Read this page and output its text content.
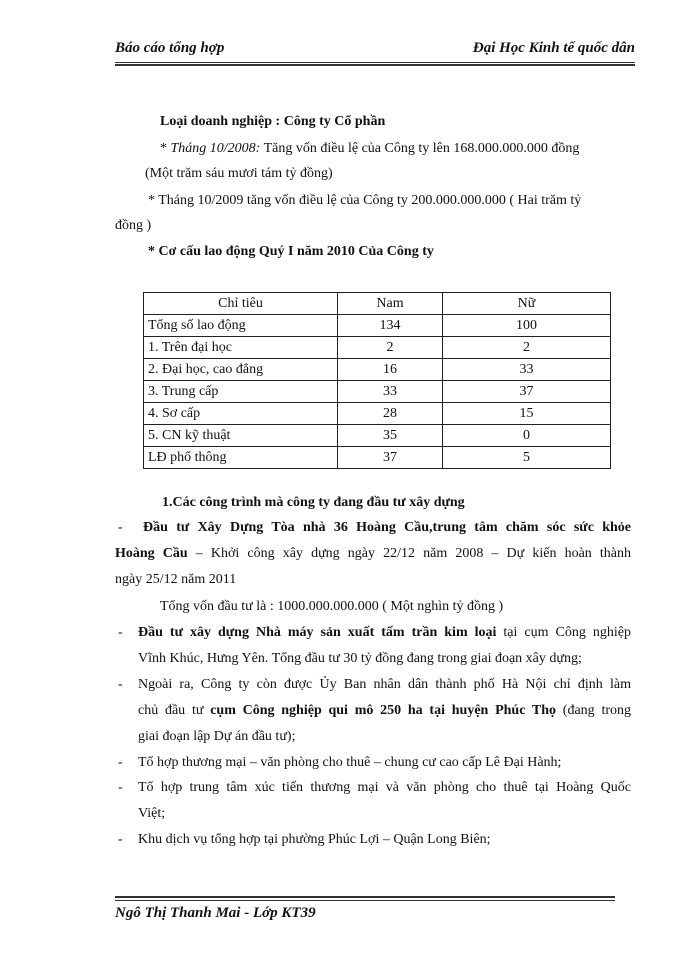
Báo cáo tổng hợp	Đại Học Kinh tế quốc dân
Loại doanh nghiệp : Công ty Cổ phần
* Tháng 10/2008: Tăng vốn điều lệ của Công ty lên 168.000.000.000 đồng
(Một trăm sáu mươi tám tỷ đồng)
* Tháng 10/2009 tăng vốn điều lệ của Công ty 200.000.000.000 ( Hai trăm tỷ
đồng )
* Cơ cấu lao động Quý I năm 2010 Của Công ty
Chỉ tiêu	Nam	Nữ
Tổng số lao động	134	100
1. Trên đại học	2	2
2. Đại học, cao đẳng	16	33
3. Trung cấp	33	37
4. Sơ cấp	28	15
5. CN kỹ thuật	35	0
LĐ phổ thông	37	5
1.Các công trình mà công ty đang đầu tư xây dựng
-	Đầu tư Xây Dựng Tòa nhà 36 Hoàng Cầu,trung tâm chăm sóc sức khỏe
Hoàng Cầu – Khởi công xây dựng ngày 22/12 năm 2008 – Dự kiến hoàn thành
ngày 25/12 năm 2011
Tổng vốn đầu tư là : 1000.000.000.000 ( Một nghìn tỷ đồng )
-	Đầu tư xây dựng Nhà máy sản xuất tấm trần kim loại tại cụm Công nghiệp
Vĩnh Khúc, Hưng Yên. Tổng đầu tư 30 tỷ đồng đang trong giai đoạn xây dựng;
-	Ngoài ra, Công ty còn được Ủy Ban nhân dân thành phố Hà Nội chỉ định làm
chủ đầu tư cụm Công nghiệp qui mô 250 ha tại huyện Phúc Thọ (đang trong
giai đoạn lập Dự án đầu tư);
-	Tổ hợp thương mại – văn phòng cho thuê – chung cư cao cấp Lê Đại Hành;
-	Tổ hợp trung tâm xúc tiến thương mại và văn phòng cho thuê tại Hoàng Quốc
Việt;
-	Khu dịch vụ tổng hợp tại phường Phúc Lợi – Quận Long Biên;
Ngô Thị Thanh Mai - Lớp KT39
